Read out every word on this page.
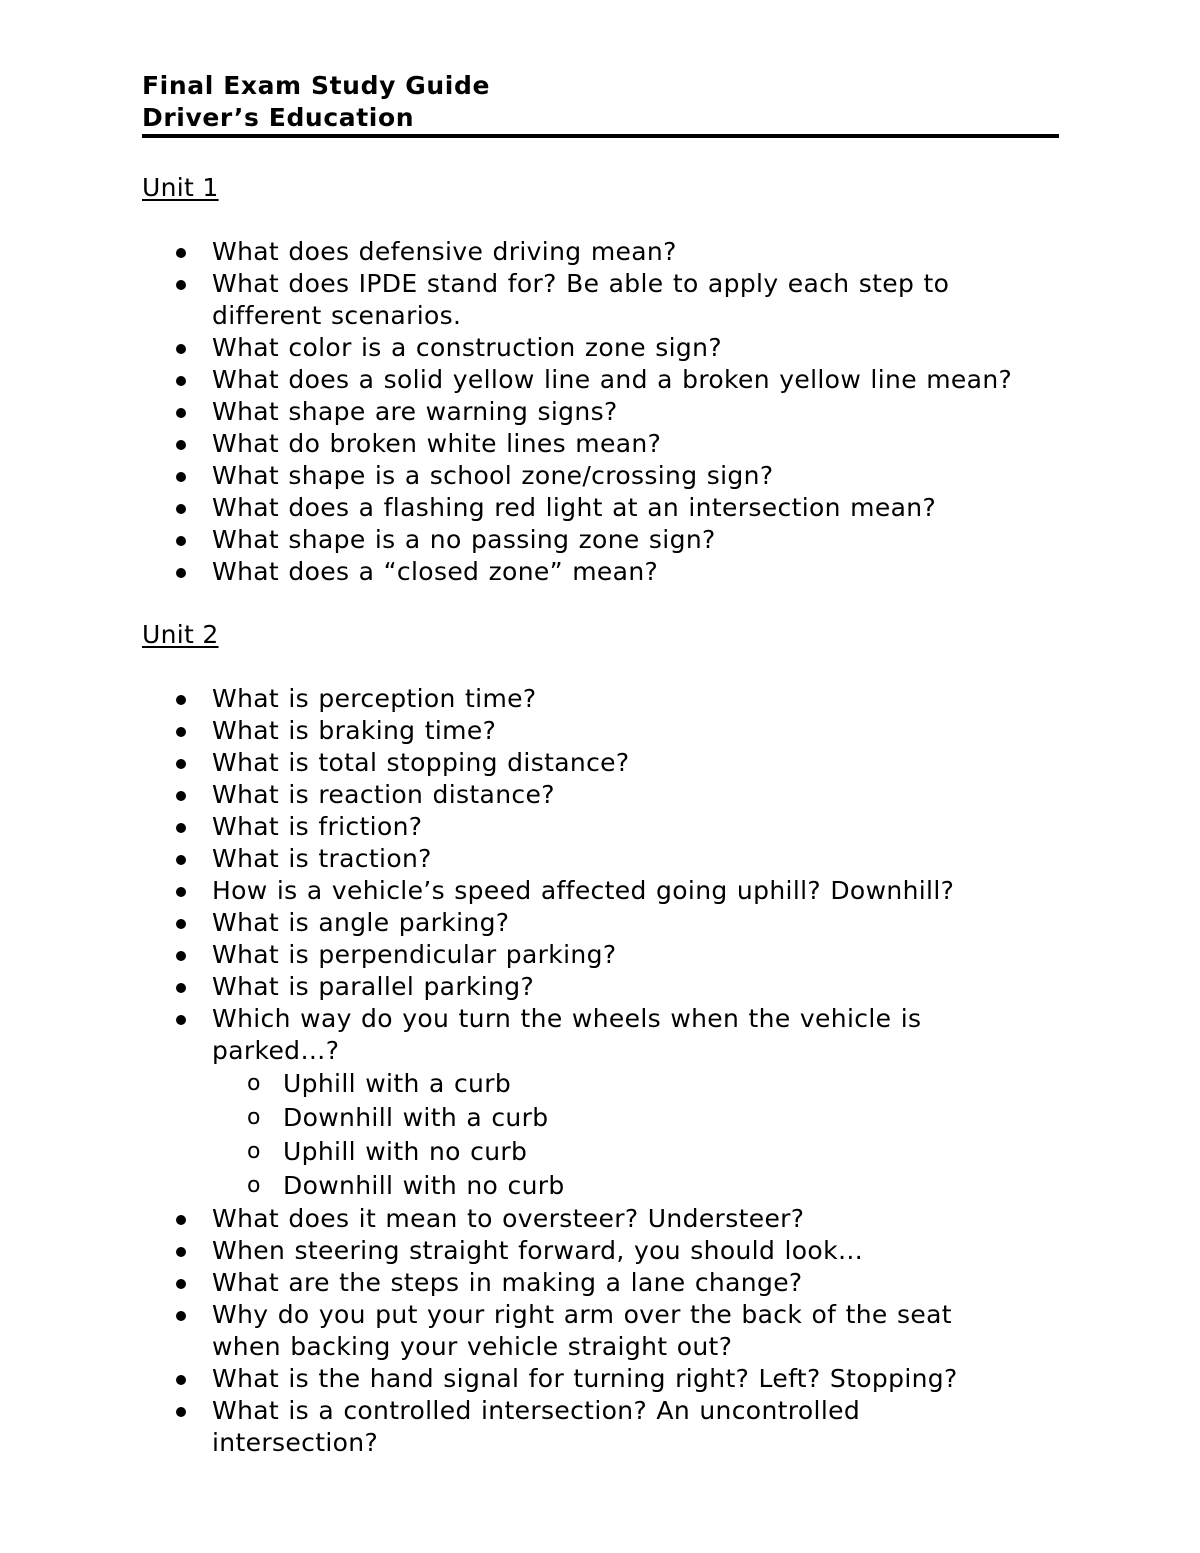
Final Exam Study Guide

Driver’s Education

Unit 1

What does defensive driving mean?
What does IPDE stand for? Be able to apply each step to different scenarios.
What color is a construction zone sign?
What does a solid yellow line and a broken yellow line mean?
What shape are warning signs?
What do broken white lines mean?
What shape is a school zone/crossing sign?
What does a flashing red light at an intersection mean?
What shape is a no passing zone sign?
What does a “closed zone” mean?

Unit 2

What is perception time?
What is braking time?
What is total stopping distance?
What is reaction distance?
What is friction?
What is traction?
How is a vehicle’s speed affected going uphill? Downhill?
What is angle parking?
What is perpendicular parking?
What is parallel parking?
Which way do you turn the wheels when the vehicle is parked…?
o Uphill with a curb
o Downhill with a curb
o Uphill with no curb
o Downhill with no curb
What does it mean to oversteer? Understeer?
When steering straight forward, you should look…
What are the steps in making a lane change?
Why do you put your right arm over the back of the seat when backing your vehicle straight out?
What is the hand signal for turning right? Left? Stopping?
What is a controlled intersection? An uncontrolled intersection?
